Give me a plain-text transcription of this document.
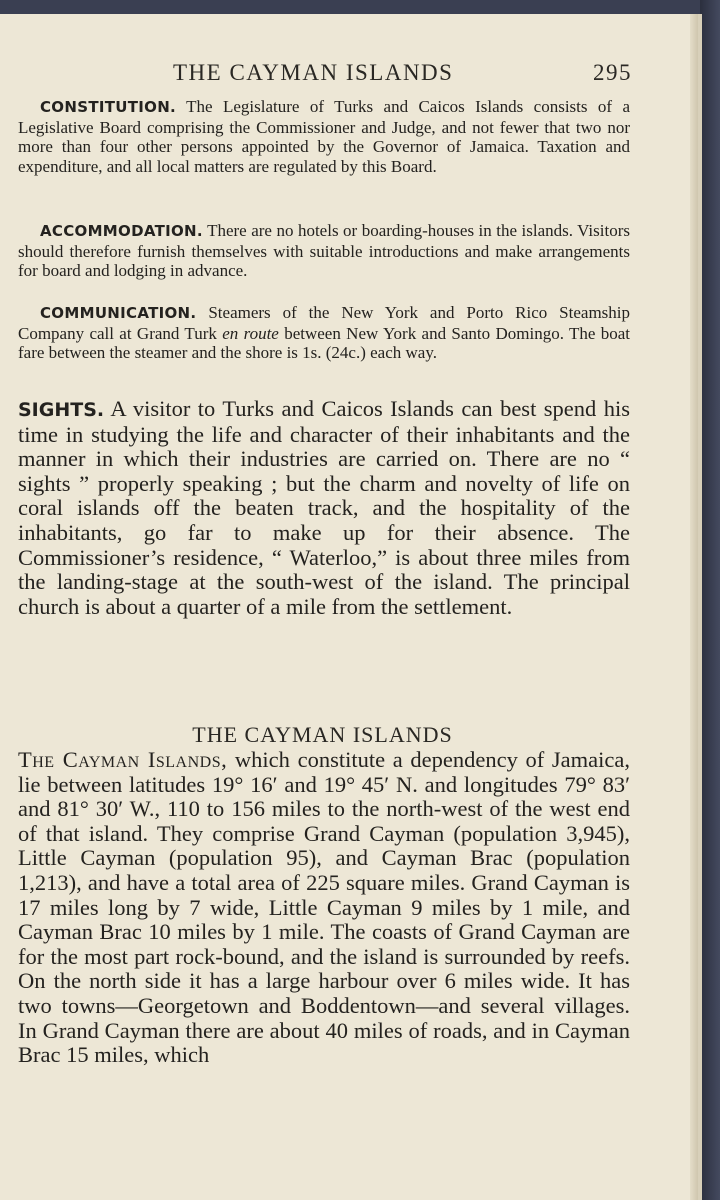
THE CAYMAN ISLANDS	295

CONSTITUTION. The Legislature of Turks and Caicos Islands consists of a Legislative Board comprising the Commissioner and Judge, and not fewer that two nor more than four other persons appointed by the Governor of Jamaica. Taxation and expenditure, and all local matters are regulated by this Board.

ACCOMMODATION. There are no hotels or boarding-houses in the islands. Visitors should therefore furnish themselves with suitable introductions and make arrangements for board and lodging in advance.

COMMUNICATION. Steamers of the New York and Porto Rico Steamship Company call at Grand Turk en route between New York and Santo Domingo. The boat fare between the steamer and the shore is 1s. (24c.) each way.

SIGHTS. A visitor to Turks and Caicos Islands can best spend his time in studying the life and character of their inhabitants and the manner in which their industries are carried on. There are no “ sights ” properly speaking ; but the charm and novelty of life on coral islands off the beaten track, and the hospitality of the inhabitants, go far to make up for their absence. The Commissioner’s residence, “ Waterloo,” is about three miles from the landing-stage at the south-west of the island. The principal church is about a quarter of a mile from the settlement.

THE CAYMAN ISLANDS

The Cayman Islands, which constitute a dependency of Jamaica, lie between latitudes 19° 16′ and 19° 45′ N. and longitudes 79° 83′ and 81° 30′ W., 110 to 156 miles to the north-west of the west end of that island. They comprise Grand Cayman (population 3,945), Little Cayman (population 95), and Cayman Brac (population 1,213), and have a total area of 225 square miles. Grand Cayman is 17 miles long by 7 wide, Little Cayman 9 miles by 1 mile, and Cayman Brac 10 miles by 1 mile. The coasts of Grand Cayman are for the most part rock-bound, and the island is surrounded by reefs. On the north side it has a large harbour over 6 miles wide. It has two towns—Georgetown and Boddentown—and several villages. In Grand Cayman there are about 40 miles of roads, and in Cayman Brac 15 miles, which
